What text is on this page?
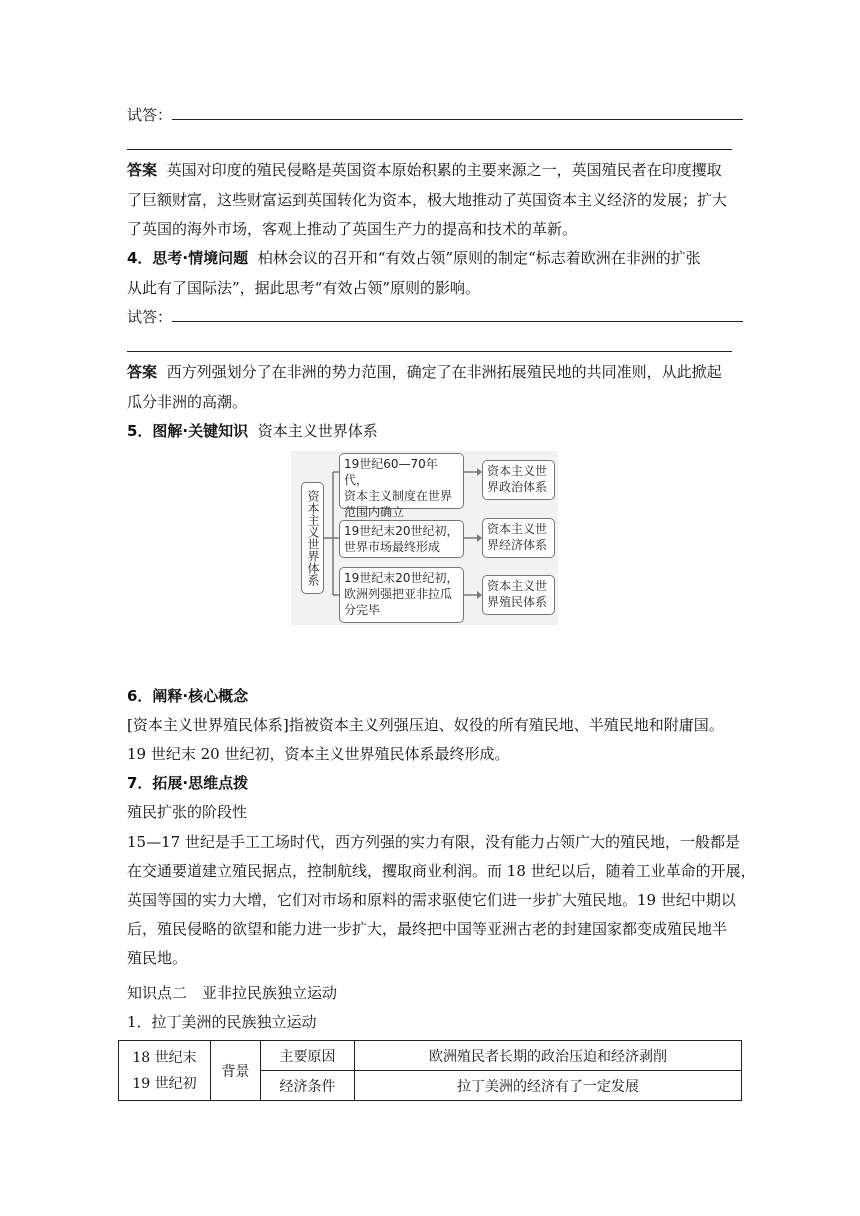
试答：
答案 英国对印度的殖民侵略是英国资本原始积累的主要来源之一，英国殖民者在印度攫取
了巨额财富，这些财富运到英国转化为资本，极大地推动了英国资本主义经济的发展；扩大
了英国的海外市场，客观上推动了英国生产力的提高和技术的革新。
4．思考·情境问题 柏林会议的召开和“有效占领”原则的制定“标志着欧洲在非洲的扩张
从此有了国际法”，据此思考“有效占领”原则的影响。
试答：
答案 西方列强划分了在非洲的势力范围，确定了在非洲拓展殖民地的共同准则，从此掀起
瓜分非洲的高潮。
5．图解·关键知识 资本主义世界体系
资本主义世界体系
19世纪60—70年代，
资本主义制度在世界
范围内确立
资本主义世
界政治体系
19世纪末20世纪初，
世界市场最终形成
资本主义世
界经济体系
19世纪末20世纪初，
欧洲列强把亚非拉瓜
分完毕
资本主义世
界殖民体系
6．阐释·核心概念
[资本主义世界殖民体系]指被资本主义列强压迫、奴役的所有殖民地、半殖民地和附庸国。
19 世纪末 20 世纪初，资本主义世界殖民体系最终形成。
7．拓展·思维点拨
殖民扩张的阶段性
15—17 世纪是手工工场时代，西方列强的实力有限，没有能力占领广大的殖民地，一般都是
在交通要道建立殖民据点，控制航线，攫取商业利润。而 18 世纪以后，随着工业革命的开展，
英国等国的实力大增，它们对市场和原料的需求驱使它们进一步扩大殖民地。19 世纪中期以
后，殖民侵略的欲望和能力进一步扩大，最终把中国等亚洲古老的封建国家都变成殖民地半
殖民地。
知识点二　亚非拉民族独立运动
1．拉丁美洲的民族独立运动
18 世纪末
19 世纪初	背景	主要原因	欧洲殖民者长期的政治压迫和经济剥削
		经济条件	拉丁美洲的经济有了一定发展
